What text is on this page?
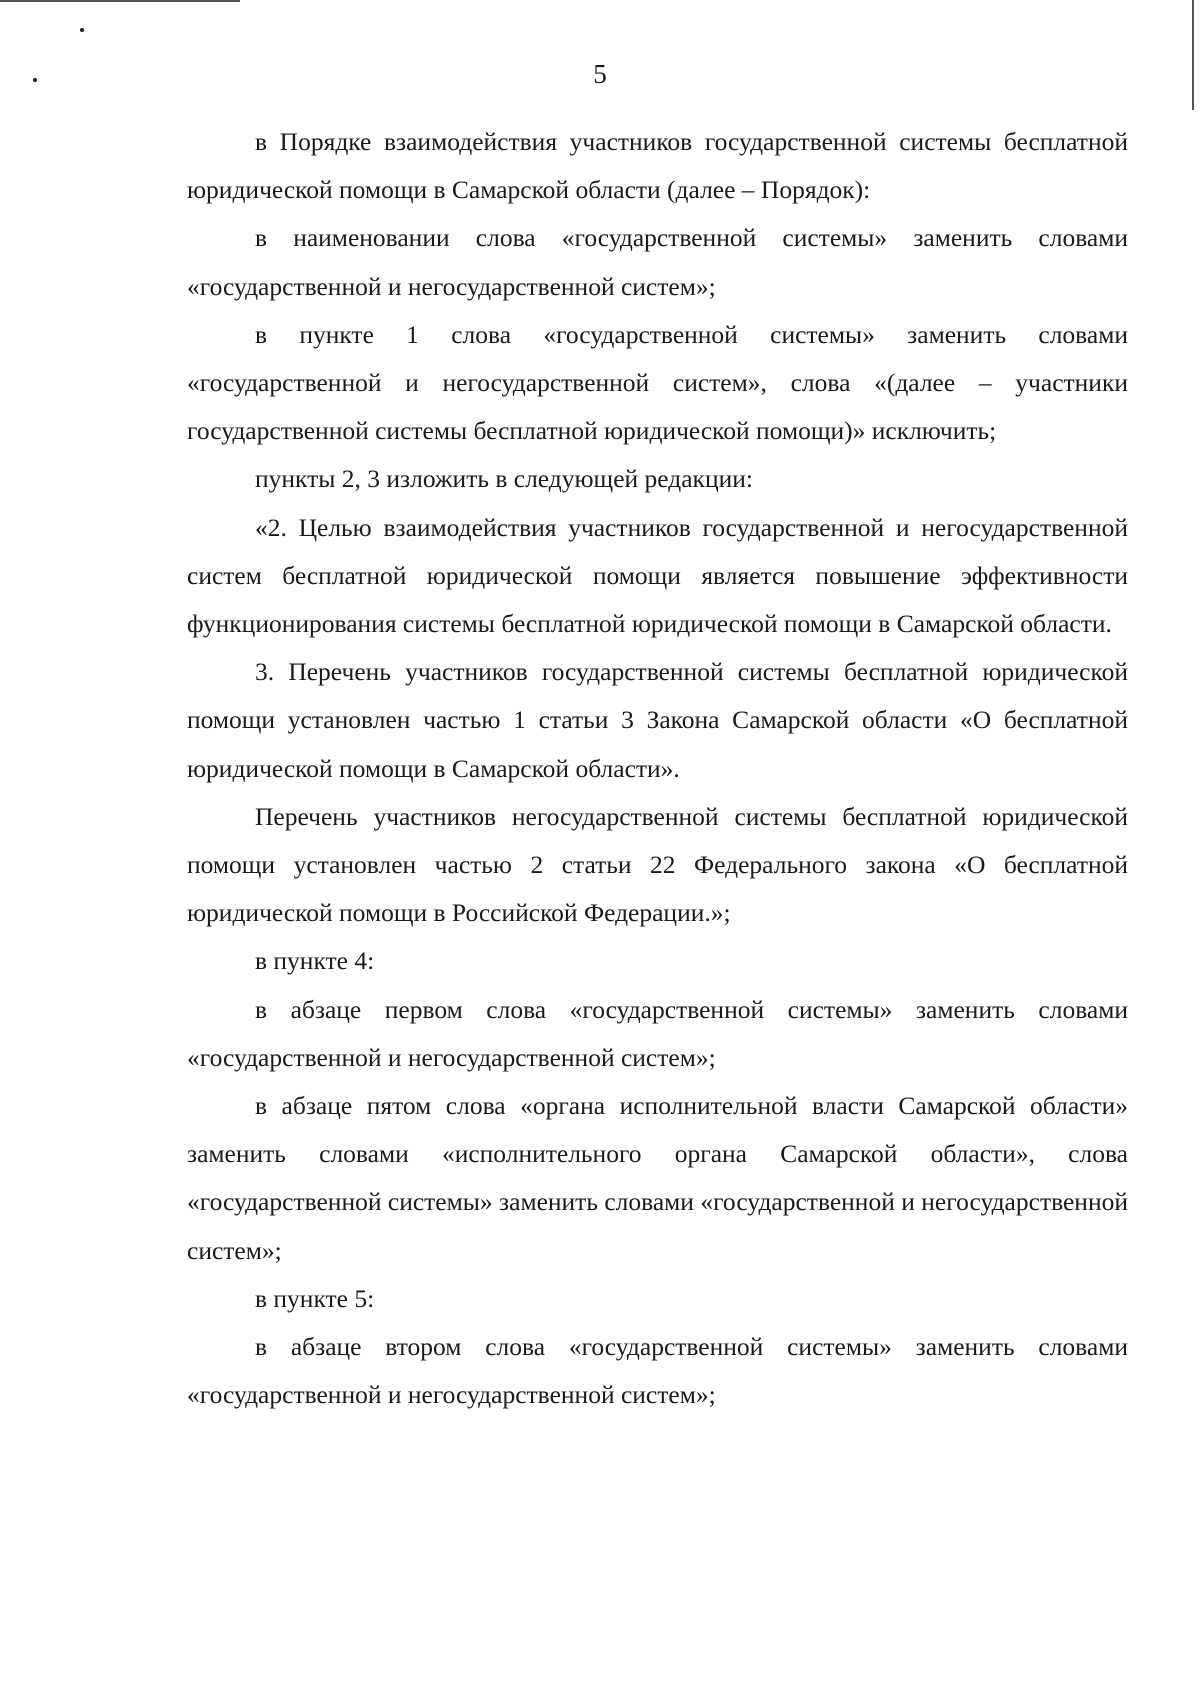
5

в Порядке взаимодействия участников государственной системы бесплатной юридической помощи в Самарской области (далее – Порядок):

в наименовании слова «государственной системы» заменить словами «государственной и негосударственной систем»;

в пункте 1 слова «государственной системы» заменить словами «государственной и негосударственной систем», слова «(далее – участники государственной системы бесплатной юридической помощи)» исключить;

пункты 2, 3 изложить в следующей редакции:

«2. Целью взаимодействия участников государственной и негосударственной систем бесплатной юридической помощи является повышение эффективности функционирования системы бесплатной юридической помощи в Самарской области.

3. Перечень участников государственной системы бесплатной юридической помощи установлен частью 1 статьи 3 Закона Самарской области «О бесплатной юридической помощи в Самарской области».

Перечень участников негосударственной системы бесплатной юридической помощи установлен частью 2 статьи 22 Федерального закона «О бесплатной юридической помощи в Российской Федерации.»;

в пункте 4:

в абзаце первом слова «государственной системы» заменить словами «государственной и негосударственной систем»;

в абзаце пятом слова «органа исполнительной власти Самарской области» заменить словами «исполнительного органа Самарской области», слова «государственной системы» заменить словами «государственной и негосударственной систем»;

в пункте 5:

в абзаце втором слова «государственной системы» заменить словами «государственной и негосударственной систем»;
